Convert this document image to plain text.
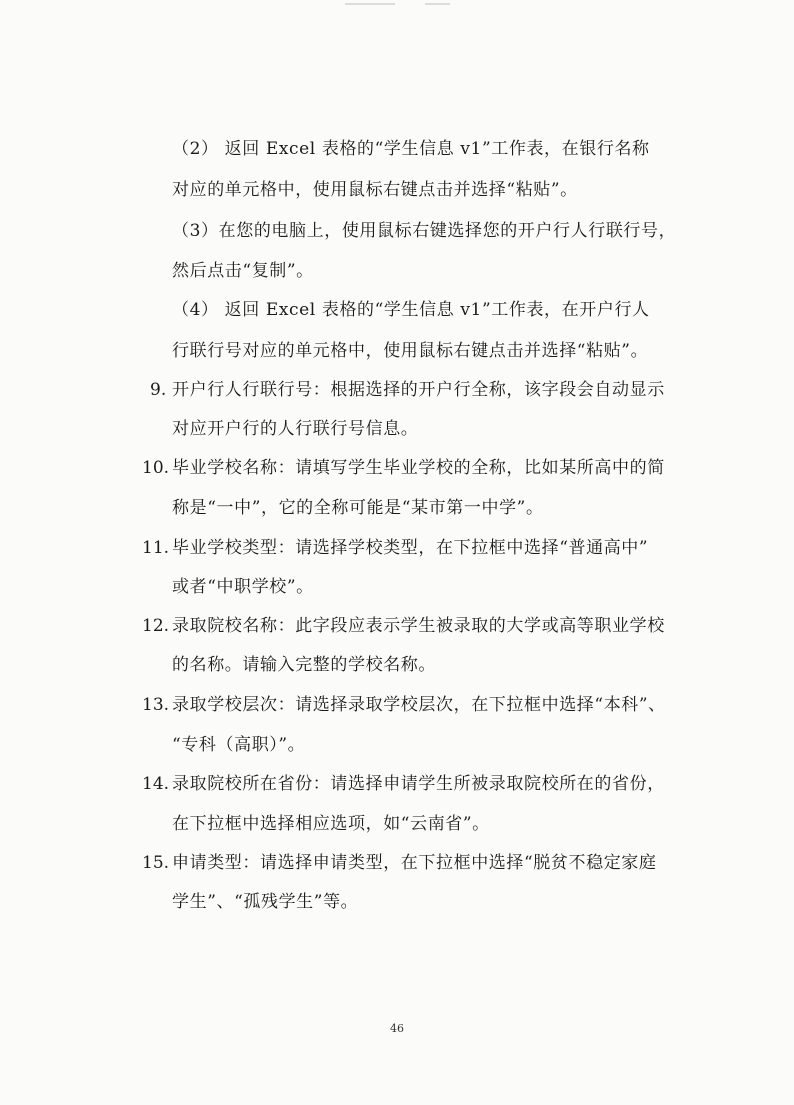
（2） 返回 Excel 表格的“学生信息 v1”工作表，在银行名称
对应的单元格中，使用鼠标右键点击并选择“粘贴”。
（3）在您的电脑上，使用鼠标右键选择您的开户行人行联行号，
然后点击“复制”。
（4） 返回 Excel 表格的“学生信息 v1”工作表，在开户行人
行联行号对应的单元格中，使用鼠标右键点击并选择“粘贴”。
9. 开户行人行联行号：根据选择的开户行全称，该字段会自动显示
对应开户行的人行联行号信息。
10. 毕业学校名称：请填写学生毕业学校的全称，比如某所高中的简
称是“一中”，它的全称可能是“某市第一中学”。
11. 毕业学校类型：请选择学校类型，在下拉框中选择“普通高中”
或者“中职学校”。
12. 录取院校名称：此字段应表示学生被录取的大学或高等职业学校
的名称。请输入完整的学校名称。
13. 录取学校层次：请选择录取学校层次，在下拉框中选择“本科”、
“专科（高职）”。
14. 录取院校所在省份：请选择申请学生所被录取院校所在的省份，
在下拉框中选择相应选项，如“云南省”。
15. 申请类型：请选择申请类型，在下拉框中选择“脱贫不稳定家庭
学生”、“孤残学生”等。
46
